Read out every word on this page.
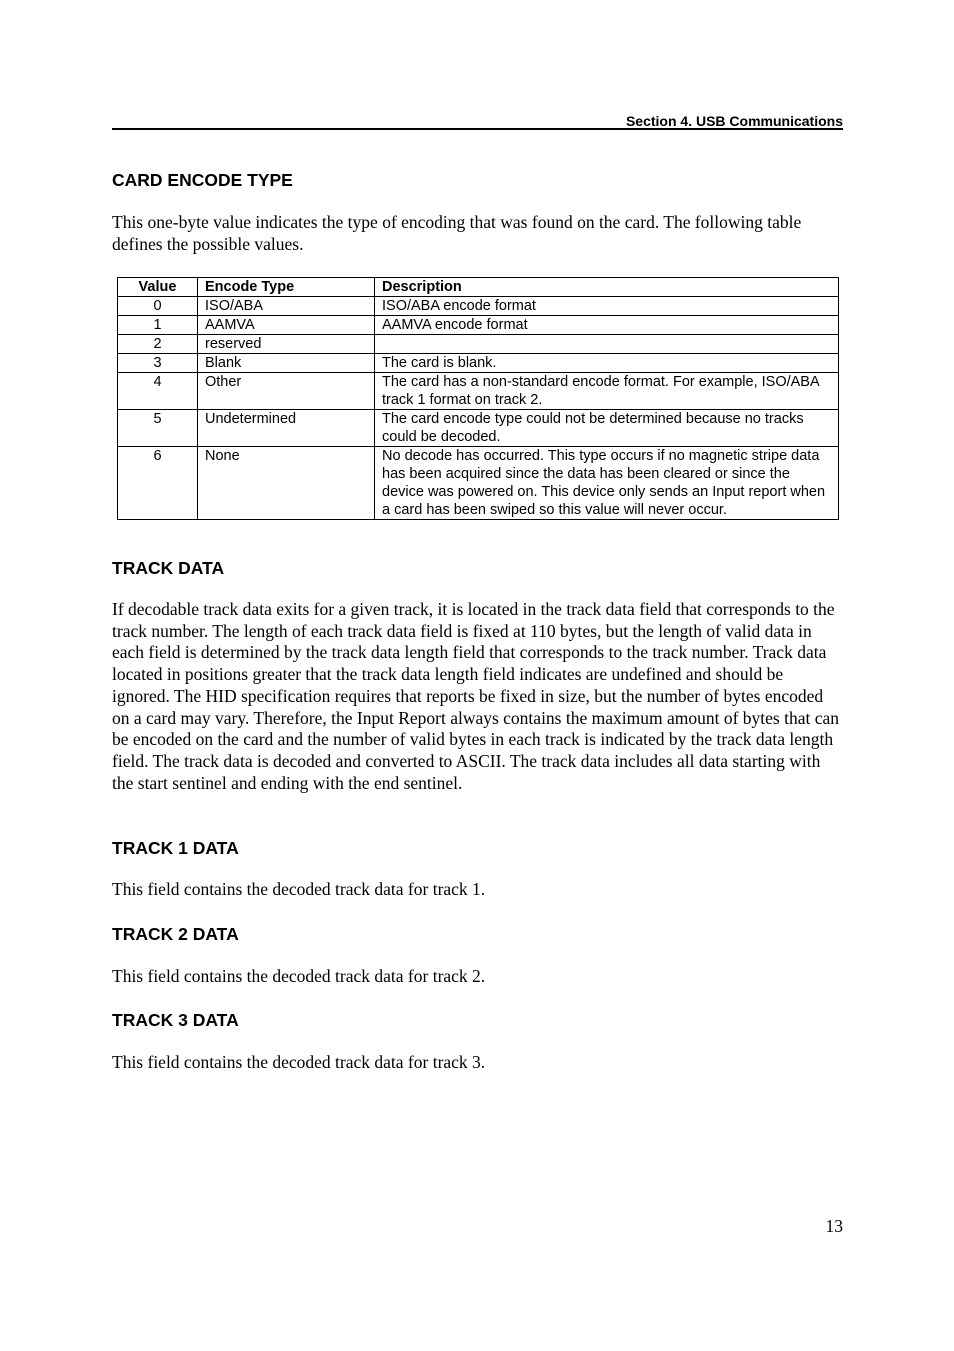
Section 4. USB Communications
CARD ENCODE TYPE

This one-byte value indicates the type of encoding that was found on the card. The following table defines the possible values.

Value	Encode Type	Description
0	ISO/ABA	ISO/ABA encode format
1	AAMVA	AAMVA encode format
2	reserved	
3	Blank	The card is blank.
4	Other	The card has a non-standard encode format. For example, ISO/ABA track 1 format on track 2.
5	Undetermined	The card encode type could not be determined because no tracks could be decoded.
6	None	No decode has occurred. This type occurs if no magnetic stripe data has been acquired since the data has been cleared or since the device was powered on. This device only sends an Input report when a card has been swiped so this value will never occur.
TRACK DATA

If decodable track data exits for a given track, it is located in the track data field that corresponds to the track number. The length of each track data field is fixed at 110 bytes, but the length of valid data in each field is determined by the track data length field that corresponds to the track number. Track data located in positions greater that the track data length field indicates are undefined and should be ignored. The HID specification requires that reports be fixed in size, but the number of bytes encoded on a card may vary. Therefore, the Input Report always contains the maximum amount of bytes that can be encoded on the card and the number of valid bytes in each track is indicated by the track data length field. The track data is decoded and converted to ASCII. The track data includes all data starting with the start sentinel and ending with the end sentinel.

TRACK 1 DATA

This field contains the decoded track data for track 1.

TRACK 2 DATA

This field contains the decoded track data for track 2.

TRACK 3 DATA

This field contains the decoded track data for track 3.

13
